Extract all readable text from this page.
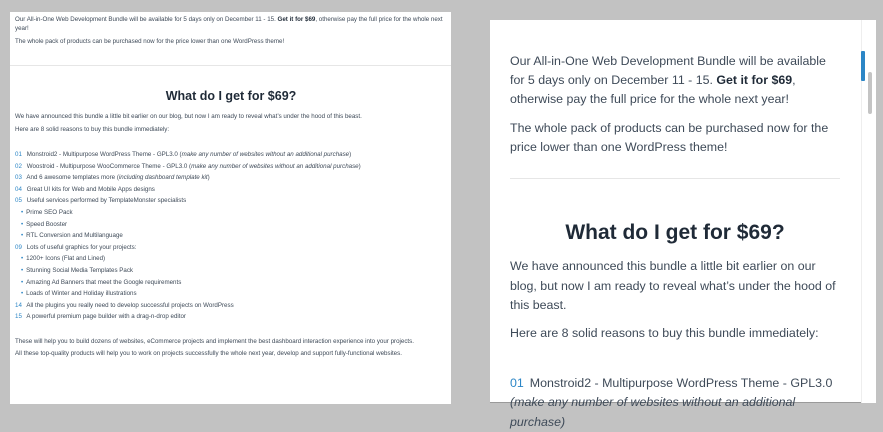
Our All-in-One Web Development Bundle will be available for 5 days only on December 11 - 15. Get it for $69, otherwise pay the full price for the whole next year!

The whole pack of products can be purchased now for the price lower than one WordPress theme!

What do I get for $69?

We have announced this bundle a little bit earlier on our blog, but now I am ready to reveal what’s under the hood of this beast.

Here are 8 solid reasons to buy this bundle immediately:

01 Monstroid2 - Multipurpose WordPress Theme - GPL3.0 (make any number of websites without an additional purchase)
02 Woostroid - Multipurpose WooCommerce Theme - GPL3.0 (make any number of websites without an additional purchase)
03 And 6 awesome templates more (including dashboard template kit)
04 Great UI kits for Web and Mobile Apps designs
05 Useful services performed by TemplateMonster specialists
• Prime SEO Pack
• Speed Booster
• RTL Conversion and Multilanguage
09 Lots of useful graphics for your projects:
• 1200+ Icons (Flat and Lined)
• Stunning Social Media Templates Pack
• Amazing Ad Banners that meet the Google requirements
• Loads of Winter and Holiday illustrations
14 All the plugins you really need to develop successful projects on WordPress
15 A powerful premium page builder with a drag-n-drop editor

These will help you to build dozens of websites, eCommerce projects and implement the best dashboard interaction experience into your projects.

All these top-quality products will help you to work on projects successfully the whole next year, develop and support fully-functional websites.

Our All-in-One Web Development Bundle will be available for 5 days only on December 11 - 15. Get it for $69, otherwise pay the full price for the whole next year!

The whole pack of products can be purchased now for the price lower than one WordPress theme!

What do I get for $69?

We have announced this bundle a little bit earlier on our blog, but now I am ready to reveal what’s under the hood of this beast.

Here are 8 solid reasons to buy this bundle immediately:

01 Monstroid2 - Multipurpose WordPress Theme - GPL3.0

(make any number of websites without an additional purchase)
